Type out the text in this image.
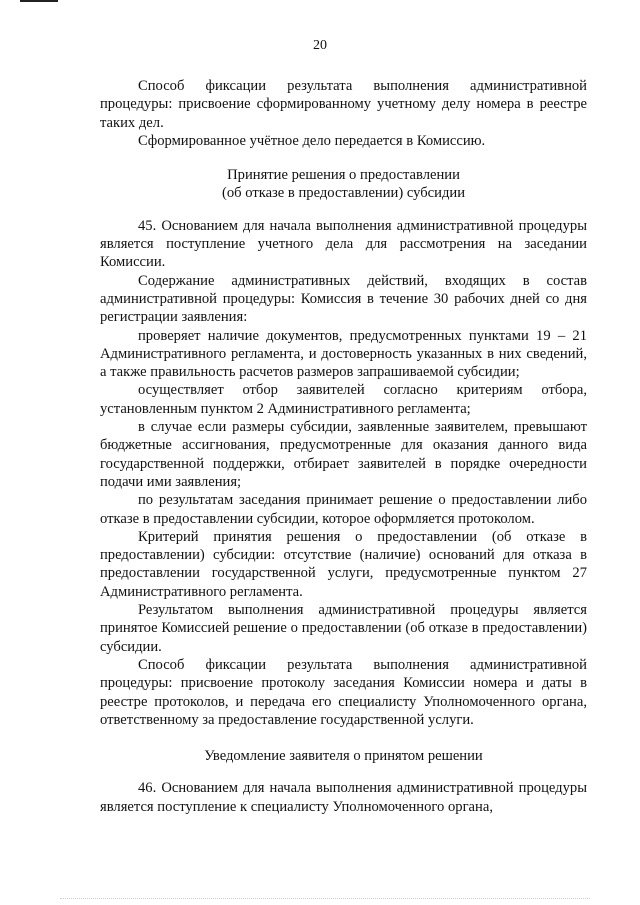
20

Способ фиксации результата выполнения административной процедуры: присвоение сформированному учетному делу номера в реестре таких дел.

Сформированное учётное дело передается в Комиссию.

Принятие решения о предоставлении

(об отказе в предоставлении) субсидии

45. Основанием для начала выполнения административной процедуры является поступление учетного дела для рассмотрения на заседании Комиссии.

Содержание административных действий, входящих в состав административной процедуры: Комиссия в течение 30 рабочих дней со дня регистрации заявления:

проверяет наличие документов, предусмотренных пунктами 19 – 21 Административного регламента, и достоверность указанных в них сведений, а также правильность расчетов размеров запрашиваемой субсидии;

осуществляет отбор заявителей согласно критериям отбора, установленным пунктом 2 Административного регламента;

в случае если размеры субсидии, заявленные заявителем, превышают бюджетные ассигнования, предусмотренные для оказания данного вида государственной поддержки, отбирает заявителей в порядке очередности подачи ими заявления;

по результатам заседания принимает решение о предоставлении либо отказе в предоставлении субсидии, которое оформляется протоколом.

Критерий принятия решения о предоставлении (об отказе в предоставлении) субсидии: отсутствие (наличие) оснований для отказа в предоставлении государственной услуги, предусмотренные пунктом 27 Административного регламента.

Результатом выполнения административной процедуры является принятое Комиссией решение о предоставлении (об отказе в предоставлении) субсидии.

Способ фиксации результата выполнения административной процедуры: присвоение протоколу заседания Комиссии номера и даты в реестре протоколов, и передача его специалисту Уполномоченного органа, ответственному за предоставление государственной услуги.

Уведомление заявителя о принятом решении

46. Основанием для начала выполнения административной процедуры является поступление к специалисту Уполномоченного органа,
